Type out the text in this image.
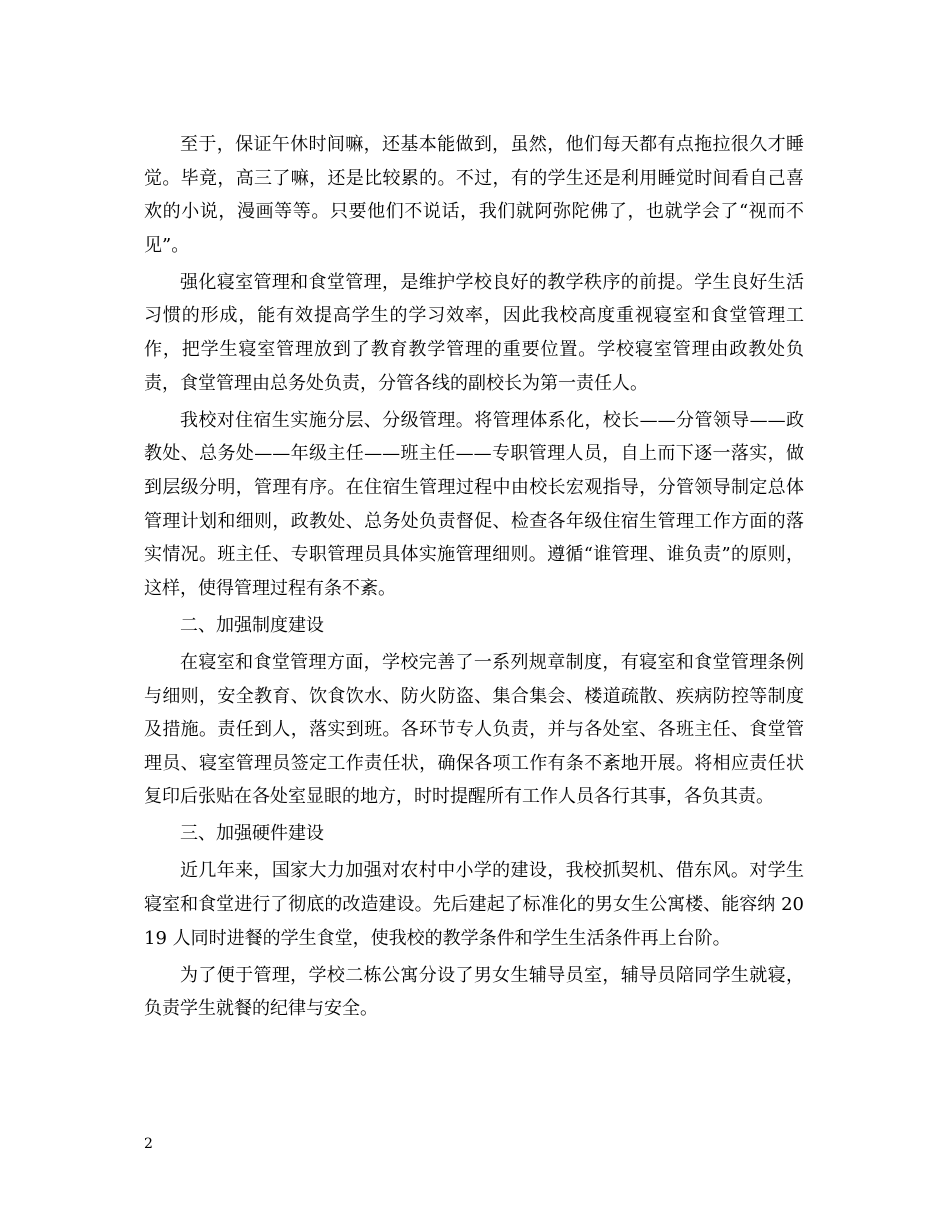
至于，保证午休时间嘛，还基本能做到，虽然，他们每天都有点拖拉很久才睡觉。毕竟，高三了嘛，还是比较累的。不过，有的学生还是利用睡觉时间看自己喜欢的小说，漫画等等。只要他们不说话，我们就阿弥陀佛了，也就学会了“视而不见”。

强化寝室管理和食堂管理，是维护学校良好的教学秩序的前提。学生良好生活习惯的形成，能有效提高学生的学习效率，因此我校高度重视寝室和食堂管理工作，把学生寝室管理放到了教育教学管理的重要位置。学校寝室管理由政教处负责，食堂管理由总务处负责，分管各线的副校长为第一责任人。

我校对住宿生实施分层、分级管理。将管理体系化，校长——分管领导——政教处、总务处——年级主任——班主任——专职管理人员，自上而下逐一落实，做到层级分明，管理有序。在住宿生管理过程中由校长宏观指导，分管领导制定总体管理计划和细则，政教处、总务处负责督促、检查各年级住宿生管理工作方面的落实情况。班主任、专职管理员具体实施管理细则。遵循“谁管理、谁负责”的原则，这样，使得管理过程有条不紊。

二、加强制度建设

在寝室和食堂管理方面，学校完善了一系列规章制度，有寝室和食堂管理条例与细则，安全教育、饮食饮水、防火防盗、集合集会、楼道疏散、疾病防控等制度及措施。责任到人，落实到班。各环节专人负责，并与各处室、各班主任、食堂管理员、寝室管理员签定工作责任状，确保各项工作有条不紊地开展。将相应责任状复印后张贴在各处室显眼的地方，时时提醒所有工作人员各行其事，各负其责。

三、加强硬件建设

近几年来，国家大力加强对农村中小学的建设，我校抓契机、借东风。对学生寝室和食堂进行了彻底的改造建设。先后建起了标准化的男女生公寓楼、能容纳 2019 人同时进餐的学生食堂，使我校的教学条件和学生生活条件再上台阶。

为了便于管理，学校二栋公寓分设了男女生辅导员室，辅导员陪同学生就寝，负责学生就餐的纪律与安全。

2
